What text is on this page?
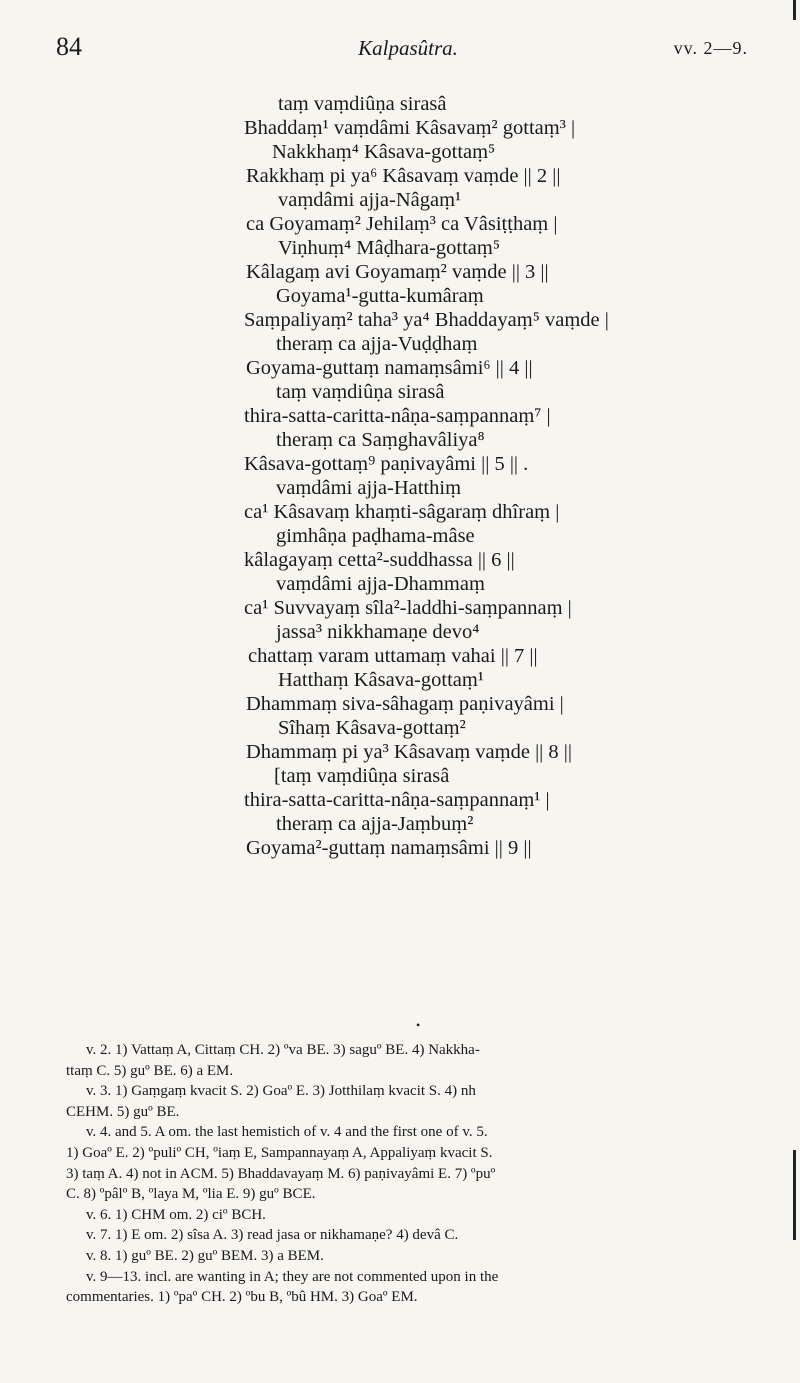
84	Kalpasûtra.	vv. 2—9.
taṃ vaṃdiûṇa sirasâ
Bhaddaṃ¹ vaṃdâmi Kâsavaṃ² gottaṃ³ |
Nakkhaṃ⁴ Kâsava-gottaṃ⁵
Rakkhaṃ pi ya⁶ Kâsavaṃ vaṃde || 2 ||
vaṃdâmi ajja-Nâgaṃ¹
ca Goyamaṃ² Jehilaṃ³ ca Vâsiṭṭhaṃ |
Viṇhuṃ⁴ Mâḍhara-gottaṃ⁵
Kâlagaṃ avi Goyamaṃ² vaṃde || 3 ||
Goyama¹-gutta-kumâraṃ
Saṃpaliyaṃ² taha³ ya⁴ Bhaddayaṃ⁵ vaṃde |
theraṃ ca ajja-Vuḍḍhaṃ
Goyama-guttaṃ namaṃsâmi⁶ || 4 ||
taṃ vaṃdiûṇa sirasâ
thira-satta-caritta-nâṇa-saṃpannaṃ⁷ |
theraṃ ca Saṃghavâliya⁸
Kâsava-gottaṃ⁹ paṇivayâmi || 5 || .
vaṃdâmi ajja-Hatthiṃ
ca¹ Kâsavaṃ khaṃti-sâgaraṃ dhîraṃ |
gimhâṇa paḍhama-mâse
kâlagayaṃ cetta²-suddhassa || 6 ||
vaṃdâmi ajja-Dhammaṃ
ca¹ Suvvayaṃ sîla²-laddhi-saṃpannaṃ |
jassa³ nikkhamaṇe devo⁴
chattaṃ varam uttamaṃ vahai || 7 ||
Hatthaṃ Kâsava-gottaṃ¹
Dhammaṃ siva-sâhagaṃ paṇivayâmi |
Sîhaṃ Kâsava-gottaṃ²
Dhammaṃ pi ya³ Kâsavaṃ vaṃde || 8 ||
[taṃ vaṃdiûṇa sirasâ
thira-satta-caritta-nâṇa-saṃpannaṃ¹ |
theraṃ ca ajja-Jaṃbuṃ²
Goyama²-guttaṃ namaṃsâmi || 9 ||
•

v. 2. 1) Vattaṃ A, Cittaṃ CH. 2) ºva BE. 3) saguº BE. 4) Nakkha-

ttaṃ C. 5) guº BE. 6) a EM.

v. 3. 1) Gaṃgaṃ kvacit S. 2) Goaº E. 3) Jotthilaṃ kvacit S. 4) nh

CEHM. 5) guº BE.

v. 4. and 5. A om. the last hemistich of v. 4 and the first one of v. 5.

1) Goaº E. 2) ºpuliº CH, ºiaṃ E, Sampannayaṃ A, Appaliyaṃ kvacit S.

3) taṃ A. 4) not in ACM. 5) Bhaddavayaṃ M. 6) paṇivayâmi E. 7) ºpuº

C. 8) ºpâlº B, ºlaya M, ºlia E. 9) guº BCE.

v. 6. 1) CHM om. 2) ciº BCH.

v. 7. 1) E om. 2) sîsa A. 3) read jasa or nikhamaṇe? 4) devâ C.

v. 8. 1) guº BE. 2) guº BEM. 3) a BEM.

v. 9—13. incl. are wanting in A; they are not commented upon in the

commentaries. 1) ºpaº CH. 2) ºbu B, ºbû HM. 3) Goaº EM.
